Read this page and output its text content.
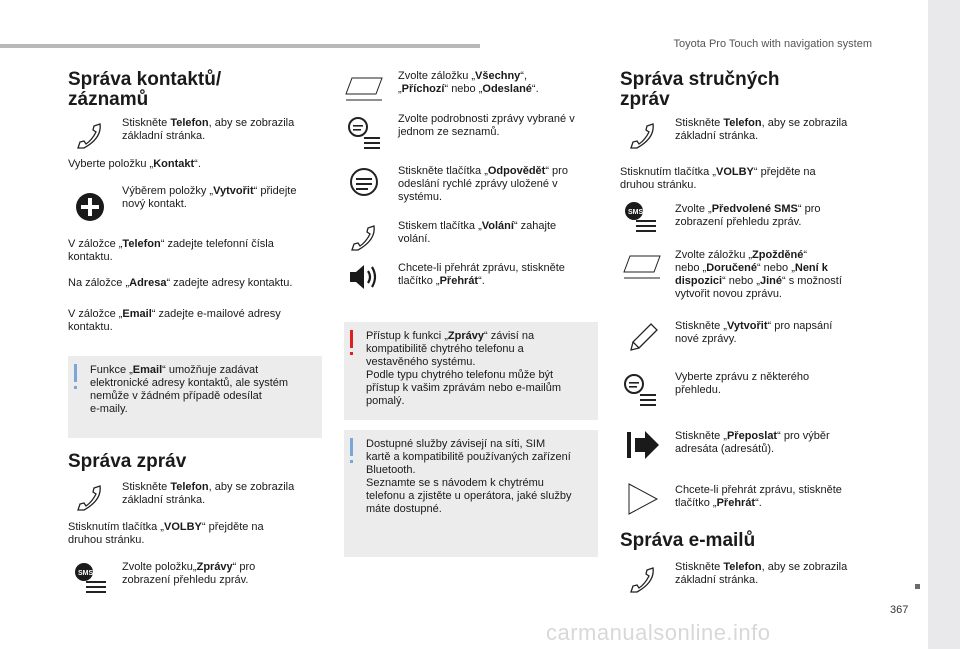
Toyota Pro Touch with navigation system
Správa kontaktů/
záznamů

Stiskněte Telefon, aby se zobrazila
základní stránka.

Vyberte položku „Kontakt“.

Výběrem položky „Vytvořit“ přidejte
nový kontakt.

V záložce „Telefon“ zadejte telefonní čísla
kontaktu.

Na záložce „Adresa“ zadejte adresy kontaktu.

V záložce „Email“ zadejte e-mailové adresy
kontaktu.

Funkce „Email“ umožňuje zadávat
elektronické adresy kontaktů, ale systém
nemůže v žádném případě odesílat
e-maily.

Správa zpráv

Stiskněte Telefon, aby se zobrazila
základní stránka.

Stisknutím tlačítka „VOLBY“ přejděte na
druhou stránku.

SMS

Zvolte položku„Zprávy“ pro
zobrazení přehledu zpráv.

Zvolte záložku „Všechny“,
„Příchozí“ nebo „Odeslané“.

Zvolte podrobnosti zprávy vybrané v
jednom ze seznamů.

Stiskněte tlačítka „Odpovědět“ pro
odeslání rychlé zprávy uložené v
systému.

Stiskem tlačítka „Volání“ zahajte
volání.

Chcete-li přehrát zprávu, stiskněte
tlačítko „Přehrát“.

Přístup k funkci „Zprávy“ závisí na
kompatibilitě chytrého telefonu a
vestavěného systému.
Podle typu chytrého telefonu může být
přístup k vašim zprávám nebo e-mailům
pomalý.

Dostupné služby závisejí na síti, SIM
kartě a kompatibilitě používaných zařízení
Bluetooth.
Seznamte se s návodem k chytrému
telefonu a zjistěte u operátora, jaké služby
máte dostupné.

Správa stručných
zpráv

Stiskněte Telefon, aby se zobrazila
základní stránka.

Stisknutím tlačítka „VOLBY“ přejděte na
druhou stránku.

SMS	Zvolte „Předvolené SMS“ pro
zobrazení přehledu zpráv.

Zvolte záložku „Zpožděné“
nebo „Doručené“ nebo „Není k
dispozici“ nebo „Jiné“ s možností
vytvořit novou zprávu.

Stiskněte „Vytvořit“ pro napsání
nové zprávy.

Vyberte zprávu z některého
přehledu.

Stiskněte „Přeposlat“ pro výběr
adresáta (adresátů).

Chcete-li přehrát zprávu, stiskněte
tlačítko „Přehrát“.

Správa e-mailů

Stiskněte Telefon, aby se zobrazila
základní stránka.

367
carmanualsonline.info
